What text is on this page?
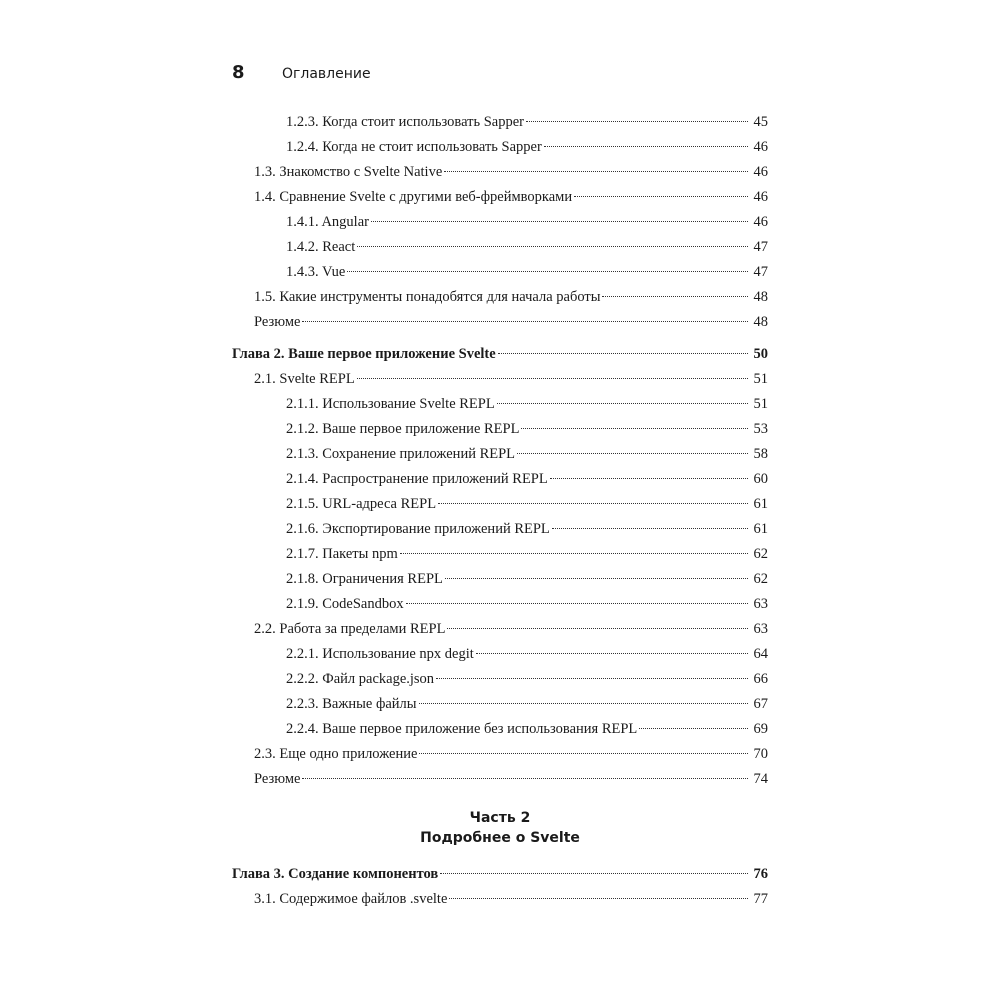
8	Оглавление
1.2.3. Когда стоит использовать Sapper	45
1.2.4. Когда не стоит использовать Sapper	46
1.3. Знакомство с Svelte Native	46
1.4. Сравнение Svelte с другими веб-фреймворками	46
1.4.1. Angular	46
1.4.2. React	47
1.4.3. Vue	47
1.5. Какие инструменты понадобятся для начала работы	48
Резюме	48
Глава 2. Ваше первое приложение Svelte	50
2.1. Svelte REPL	51
2.1.1. Использование Svelte REPL	51
2.1.2. Ваше первое приложение REPL	53
2.1.3. Сохранение приложений REPL	58
2.1.4. Распространение приложений REPL	60
2.1.5. URL-адреса REPL	61
2.1.6. Экспортирование приложений REPL	61
2.1.7. Пакеты npm	62
2.1.8. Ограничения REPL	62
2.1.9. CodeSandbox	63
2.2. Работа за пределами REPL	63
2.2.1. Использование npx degit	64
2.2.2. Файл package.json	66
2.2.3. Важные файлы	67
2.2.4. Ваше первое приложение без использования REPL	69
2.3. Еще одно приложение	70
Резюме	74
Часть 2
Подробнее о Svelte
Глава 3. Создание компонентов	76
3.1. Содержимое файлов .svelte	77
